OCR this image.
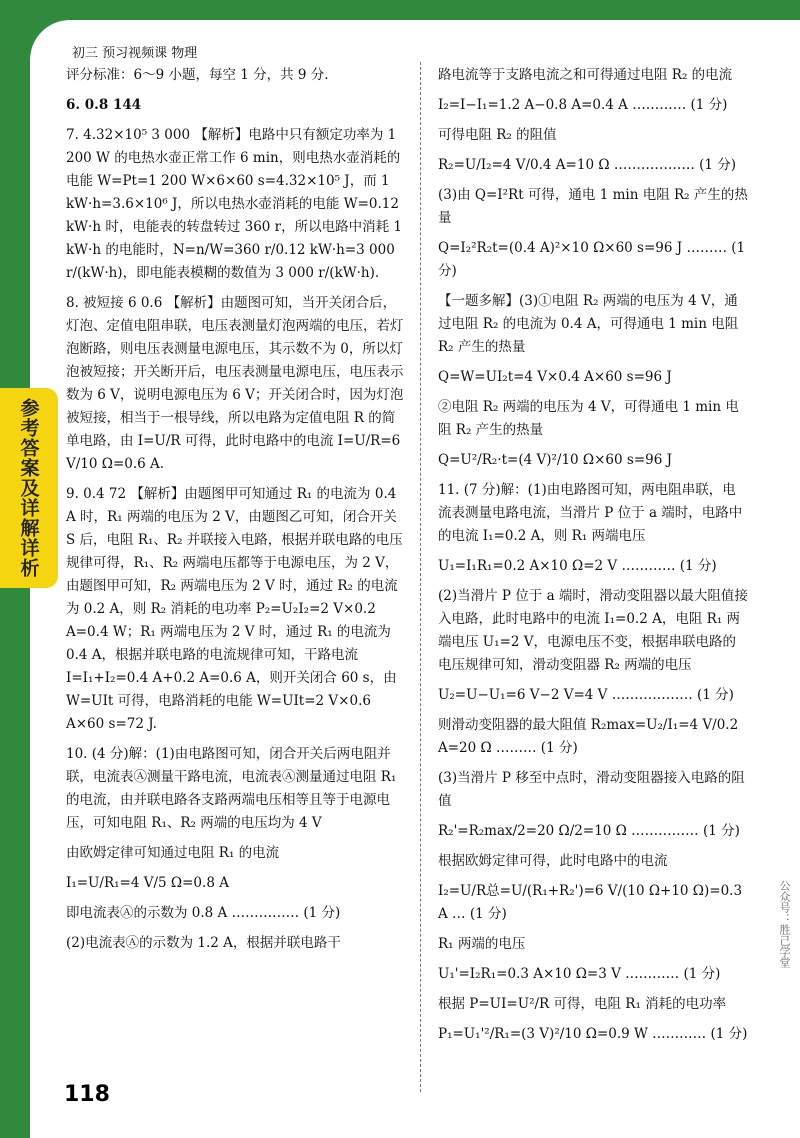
初三 预习视频课 物理
参考答案及详解详析

评分标准：6～9 小题，每空 1 分，共 9 分.

6. 0.8 144

7. 4.32×10⁵ 3 000 【解析】电路中只有额定功率为 1 200 W 的电热水壶正常工作 6 min，则电热水壶消耗的电能 W=Pt=1 200 W×6×60 s=4.32×10⁵ J，而 1 kW·h=3.6×10⁶ J，所以电热水壶消耗的电能 W=0.12 kW·h 时，电能表的转盘转过 360 r，所以电路中消耗 1 kW·h 的电能时，N=n/W=360 r/0.12 kW·h=3 000 r/(kW·h)，即电能表模糊的数值为 3 000 r/(kW·h).

8. 被短接 6 0.6 【解析】由题图可知，当开关闭合后，灯泡、定值电阻串联，电压表测量灯泡两端的电压，若灯泡断路，则电压表测量电源电压，其示数不为 0，所以灯泡被短接；开关断开后，电压表测量电源电压，电压表示数为 6 V，说明电源电压为 6 V；开关闭合时，因为灯泡被短接，相当于一根导线，所以电路为定值电阻 R 的简单电路，由 I=U/R 可得，此时电路中的电流 I=U/R=6 V/10 Ω=0.6 A.

9. 0.4 72 【解析】由题图甲可知通过 R₁ 的电流为 0.4 A 时，R₁ 两端的电压为 2 V，由题图乙可知，闭合开关 S 后，电阻 R₁、R₂ 并联接入电路，根据并联电路的电压规律可得，R₁、R₂ 两端电压都等于电源电压，为 2 V，由题图甲可知，R₂ 两端电压为 2 V 时，通过 R₂ 的电流为 0.2 A，则 R₂ 消耗的电功率 P₂=U₂I₂=2 V×0.2 A=0.4 W；R₁ 两端电压为 2 V 时，通过 R₁ 的电流为 0.4 A，根据并联电路的电流规律可知，干路电流 I=I₁+I₂=0.4 A+0.2 A=0.6 A，则开关闭合 60 s，由 W=UIt 可得，电路消耗的电能 W=UIt=2 V×0.6 A×60 s=72 J.

10. (4 分)解：(1)由电路图可知，闭合开关后两电阻并联，电流表Ⓐ测量干路电流，电流表Ⓐ测量通过电阻 R₁ 的电流，由并联电路各支路两端电压相等且等于电源电压，可知电阻 R₁、R₂ 两端的电压均为 4 V

由欧姆定律可知通过电阻 R₁ 的电流

I₁=U/R₁=4 V/5 Ω=0.8 A

即电流表Ⓐ的示数为 0.8 A …………… (1 分)

(2)电流表Ⓐ的示数为 1.2 A，根据并联电路干

路电流等于支路电流之和可得通过电阻 R₂ 的电流

I₂=I−I₁=1.2 A−0.8 A=0.4 A ………… (1 分)

可得电阻 R₂ 的阻值

R₂=U/I₂=4 V/0.4 A=10 Ω ……………… (1 分)

(3)由 Q=I²Rt 可得，通电 1 min 电阻 R₂ 产生的热量

Q=I₂²R₂t=(0.4 A)²×10 Ω×60 s=96 J ……… (1 分)

【一题多解】(3)①电阻 R₂ 两端的电压为 4 V，通过电阻 R₂ 的电流为 0.4 A，可得通电 1 min 电阻 R₂ 产生的热量

Q=W=UI₂t=4 V×0.4 A×60 s=96 J

②电阻 R₂ 两端的电压为 4 V，可得通电 1 min 电阻 R₂ 产生的热量

Q=U²/R₂·t=(4 V)²/10 Ω×60 s=96 J

11. (7 分)解：(1)由电路图可知，两电阻串联，电流表测量电路电流，当滑片 P 位于 a 端时，电路中的电流 I₁=0.2 A，则 R₁ 两端电压

U₁=I₁R₁=0.2 A×10 Ω=2 V ………… (1 分)

(2)当滑片 P 位于 a 端时，滑动变阻器以最大阻值接入电路，此时电路中的电流 I₁=0.2 A，电阻 R₁ 两端电压 U₁=2 V，电源电压不变，根据串联电路的电压规律可知，滑动变阻器 R₂ 两端的电压

U₂=U−U₁=6 V−2 V=4 V ……………… (1 分)

则滑动变阻器的最大阻值 R₂max=U₂/I₁=4 V/0.2 A=20 Ω ……… (1 分)

(3)当滑片 P 移至中点时，滑动变阻器接入电路的阻值

R₂'=R₂max/2=20 Ω/2=10 Ω …………… (1 分)

根据欧姆定律可得，此时电路中的电流

I₂=U/R总=U/(R₁+R₂')=6 V/(10 Ω+10 Ω)=0.3 A … (1 分)

R₁ 两端的电压

U₁'=I₂R₁=0.3 A×10 Ω=3 V ………… (1 分)

根据 P=UI=U²/R 可得，电阻 R₁ 消耗的电功率

P₁=U₁'²/R₁=(3 V)²/10 Ω=0.9 W ………… (1 分)

118
公众号：胜己学堂
